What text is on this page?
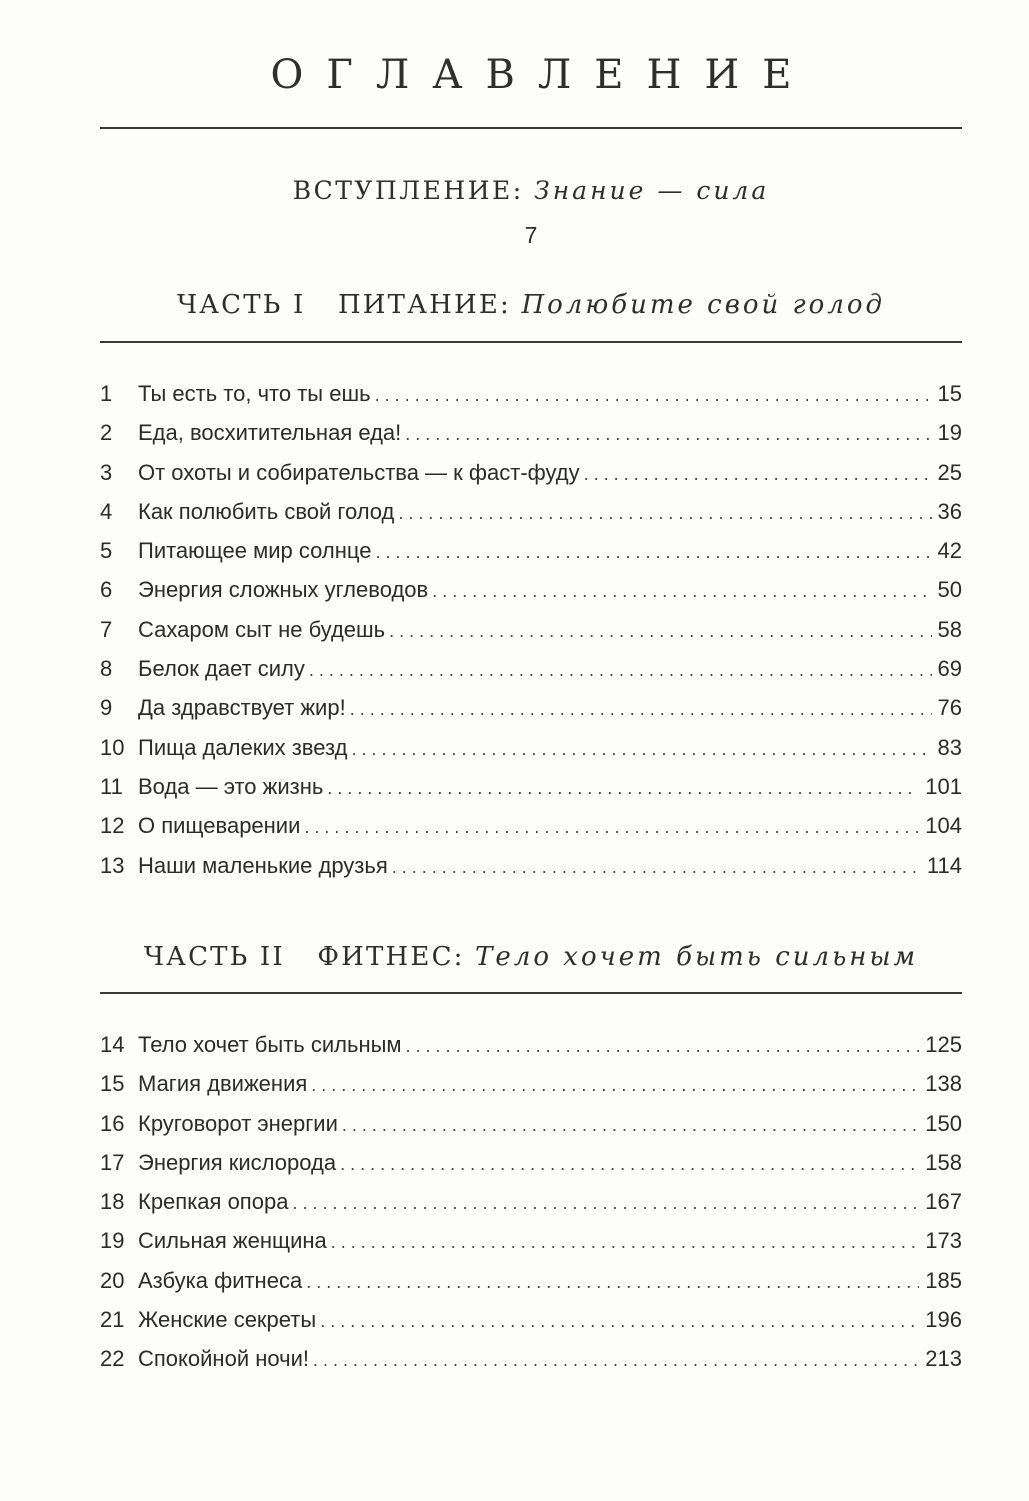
ОГЛАВЛЕНИЕ
ВСТУПЛЕНИЕ: Знание — сила
7
ЧАСТЬ I ПИТАНИЕ: Полюбите свой голод
1	Ты есть то, что ты ешь . . .	15
2	Еда, восхитительная еда! . . .	19
3	От охоты и собирательства — к фаст-фуду . . .	25
4	Как полюбить свой голод . . .	36
5	Питающее мир солнце . . .	42
6	Энергия сложных углеводов . . .	50
7	Сахаром сыт не будешь . . .	58
8	Белок дает силу . . .	69
9	Да здравствует жир! . . .	76
10 Пища далеких звезд . . .	83
11 Вода — это жизнь . . .	101
12 О пищеварении . . .	104
13 Наши маленькие друзья . . .	114
ЧАСТЬ II ФИТНЕС: Тело хочет быть сильным
14 Тело хочет быть сильным . . .	125
15 Магия движения . . .	138
16 Круговорот энергии . . .	150
17 Энергия кислорода . . .	158
18 Крепкая опора . . .	167
19 Сильная женщина . . .	173
20 Азбука фитнеса . . .	185
21 Женские секреты . . .	196
22 Спокойной ночи! . . .	213
